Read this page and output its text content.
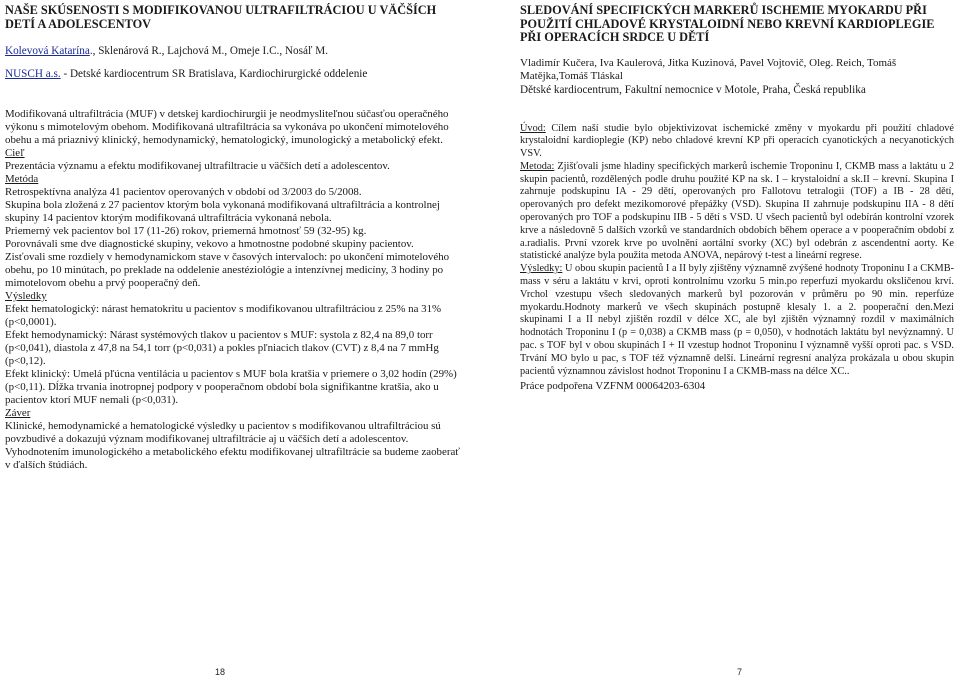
NAŠE SKÚSENOSTI S MODIFIKOVANOU ULTRAFILTRÁCIOU U VÄČŠÍCH DETÍ A ADOLESCENTOV

Kolevová Katarína., Sklenárová R., Lajchová M., Omeje I.C., Nosáľ M.

NUSCH a.s. - Detské kardiocentrum SR Bratislava, Kardiochirurgické oddelenie

Modifikovaná ultrafiltrácia (MUF) v detskej kardiochirurgii je neodmysliteľnou súčasťou operačného výkonu s mimotelovým obehom. Modifikovaná ultrafiltrácia sa vykonáva po ukončení mimotelového obehu a má priaznivý klinický, hemodynamický, hematologický, imunologický a metabolický efekt.

Cieľ

Prezentácia významu a efektu modifikovanej ultrafiltracie u väčších detí a adolescentov.

Metóda

Retrospektívna analýza 41 pacientov operovaných v období od 3/2003 do 5/2008.

Skupina bola zložená z 27 pacientov ktorým bola vykonaná modifikovaná ultrafiltrácia a kontrolnej skupiny 14 pacientov ktorým modifikovaná ultrafiltrácia vykonaná nebola.

Priemerný vek pacientov bol 17 (11-26) rokov, priemerná hmotnosť 59 (32-95) kg.

Porovnávali sme dve diagnostické skupiny, vekovo a hmotnostne podobné skupiny pacientov.

Zisťovali sme rozdiely v hemodynamickom stave v časových intervaloch: po ukončení mimotelového obehu, po 10 minútach, po preklade na oddelenie anestéziológie a intenzívnej medicíny, 3 hodiny po mimotelovom obehu a prvý pooperačný deň.

Výsledky

Efekt hematologický: nárast hematokritu u pacientov s modifikovanou ultrafiltráciou z 25% na 31% (p<0,0001).

Efekt hemodynamický: Nárast systémových tlakov u pacientov s MUF: systola z 82,4 na 89,0 torr (p<0,041), diastola z 47,8 na 54,1 torr (p<0,031) a pokles pľniacich tlakov (CVT) z 8,4 na 7 mmHg (p<0,12).

Efekt klinický: Umelá pľúcna ventilácia u pacientov s MUF bola kratšia v priemere o 3,02 hodín (29%) (p<0,11). Dĺžka trvania inotropnej podpory v pooperačnom období bola signifikantne kratšia, ako u pacientov ktorí MUF nemali (p<0,031).

Záver

Klinické, hemodynamické a hematologické výsledky u pacientov s modifikovanou ultrafiltráciou sú povzbudivé a dokazujú význam modifikovanej ultrafiltrácie aj u väčších detí a adolescentov. Vyhodnotením imunologického a metabolického efektu modifikovanej ultrafiltrácie sa budeme zaoberať v ďalších štúdiách.

18

SLEDOVÁNÍ SPECIFICKÝCH MARKERŮ ISCHEMIE MYOKARDU PŘI POUŽITÍ CHLADOVÉ KRYSTALOIDNÍ NEBO KREVNÍ KARDIOPLEGIE PŘI OPERACÍCH SRDCE U DĚTÍ

Vladimír Kučera, Iva Kaulerová, Jitka Kuzinová, Pavel Vojtovič, Oleg. Reich, Tomáš Matějka,Tomáš Tláskal

Dětské kardiocentrum, Fakultní nemocnice v Motole, Praha, Česká republika

Úvod: Cílem naší studie bylo objektivizovat ischemické změny v myokardu při použití chladové krystaloidní kardioplegie (KP) nebo chladové krevní KP při operacích cyanotických a necyanotických VSV.

Metoda: Zjišťovali jsme hladiny specifických markerů ischemie Troponinu I, CKMB mass a laktátu u 2 skupin pacientů, rozdělených podle druhu použité KP na sk. I – krystaloidní a sk.II – krevní. Skupina I zahrnuje podskupinu IA - 29 dětí, operovaných pro Fallotovu tetralogii (TOF) a IB - 28 dětí, operovaných pro defekt mezikomorové přepážky (VSD). Skupina II zahrnuje podskupinu IIA - 8 dětí operovaných pro TOF a podskupinu IIB - 5 dětí s VSD. U všech pacientů byl odebírán kontrolní vzorek krve a následovně 5 dalších vzorků ve standardních obdobích během operace a v pooperačním období z a.radialis. První vzorek krve po uvolnění aortální svorky (XC) byl odebrán z ascendentní aorty. Ke statistické analýze byla použita metoda ANOVA, nepárový t-test a lineární regrese.

Výsledky: U obou skupin pacientů I a II byly zjištěny významně zvýšené hodnoty Troponinu I a CKMB-mass v séru a laktátu v krvi, oproti kontrolnímu vzorku 5 min.po reperfuzi myokardu oksličenou krví. Vrchol vzestupu všech sledovaných markerů byl pozorován v průměru po 90 min. reperfúze myokardu.Hodnoty markerů ve všech skupinách postupně klesaly 1. a 2. pooperační den.Mezi skupinami I a II nebyl zjištěn rozdíl v délce XC, ale byl zjištěn významný rozdíl v maximálních hodnotách Troponinu I (p = 0,038) a CKMB mass (p = 0,050), v hodnotách laktátu byl nevýznamný. U pac. s TOF byl v obou skupinách I + II vzestup hodnot Troponinu I významně vyšší oproti pac. s VSD. Trvání MO bylo u pac, s TOF též významně delší. Lineární regresní analýza prokázala u obou skupin pacientů významnou závislost hodnot Troponinu I a CKMB-mass na délce XC..

Práce podpořena VZFNM 00064203-6304

7
